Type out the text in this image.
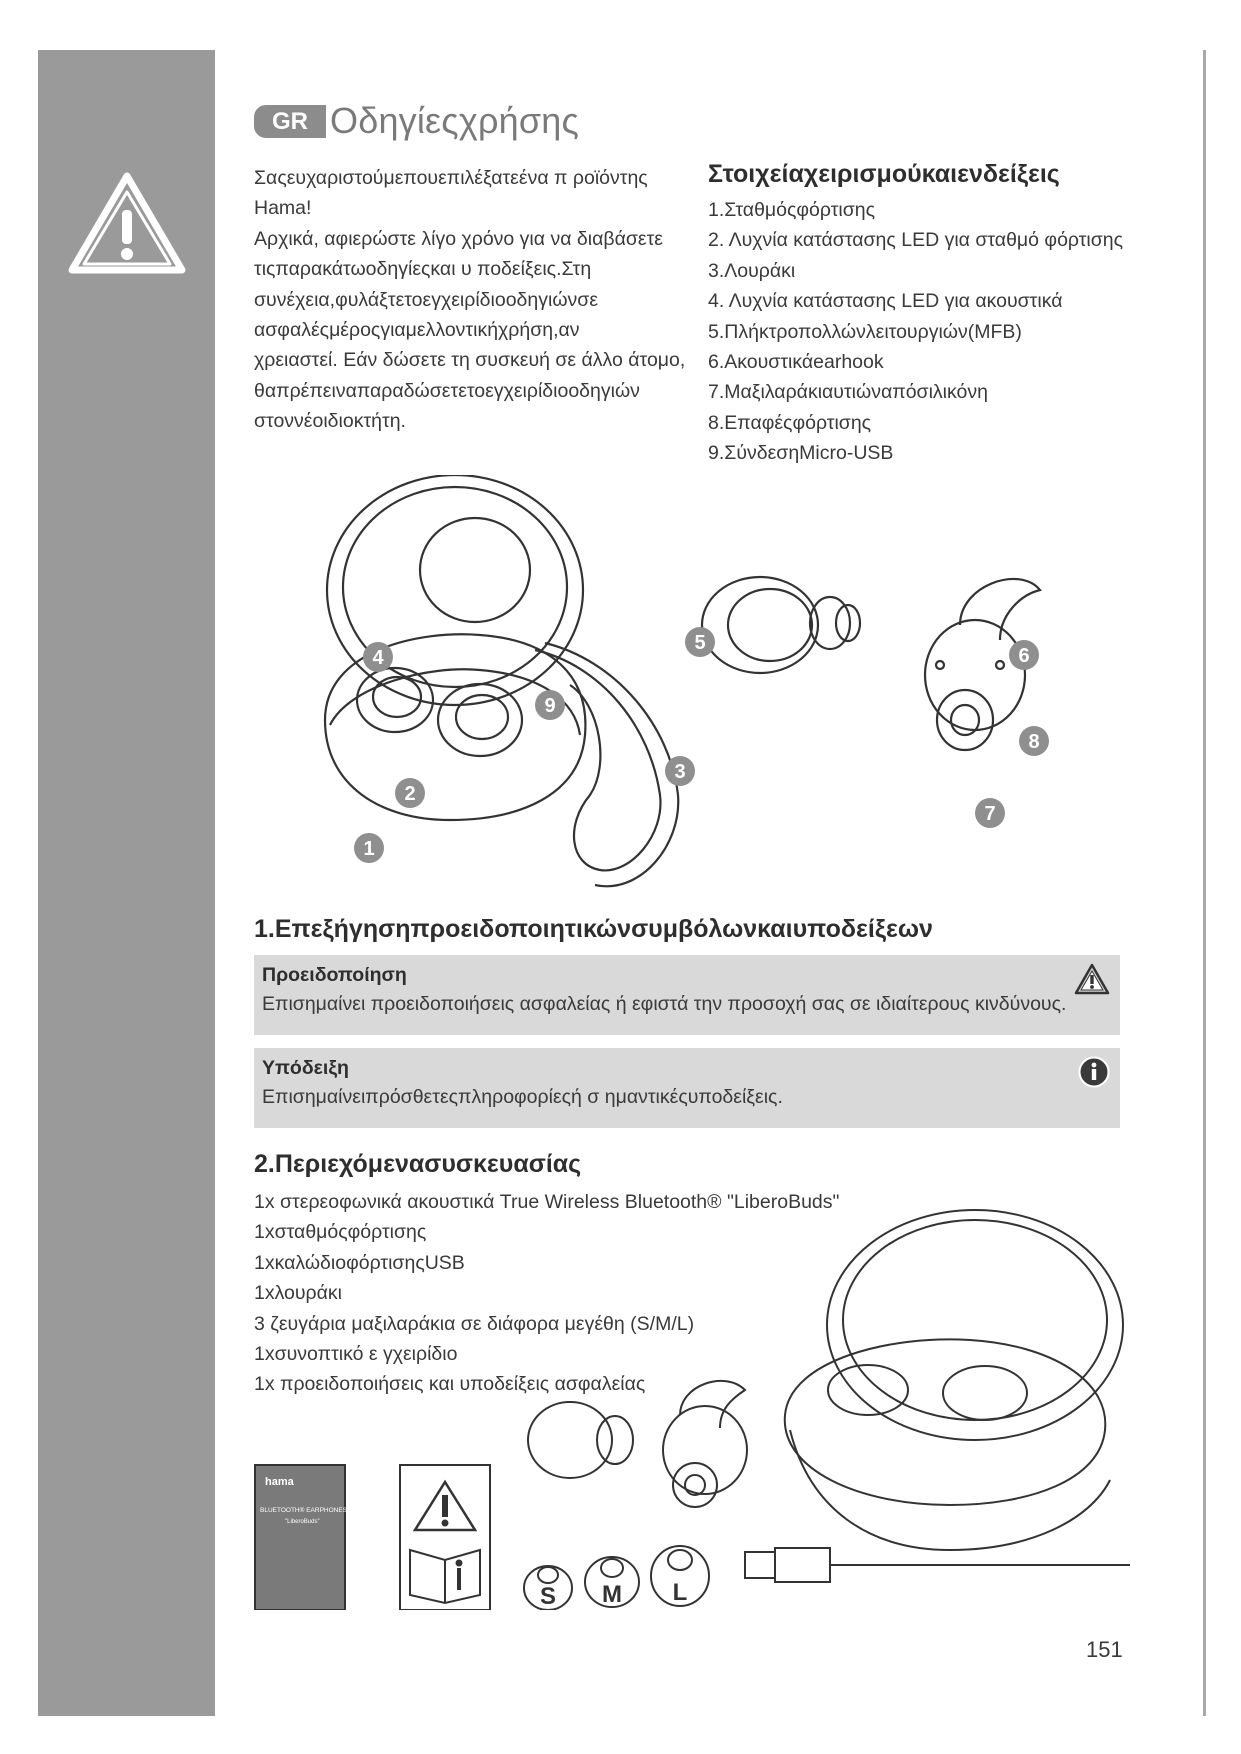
GR Οδηγίεςχρήσης
Σαςευχαριστούμεπουεπιλέξατεένα π ροϊόντης
Hama!
Αρχικά, αφιερώστε λίγο χρόνο για να διαβάσετε
τιςπαρακάτωοδηγίεςκαι υ ποδείξεις.Στη
συνέχεια,φυλάξτετοεγχειρίδιοοδηγιώνσε
ασφαλέςμέροςγιαμελλοντικήχρήση,αν
χρειαστεί. Εάν δώσετε τη συσκευή σε άλλο άτομο,
θαπρέπειναπαραδώσετετοεγχειρίδιοοδηγιών
στοννέοιδιοκτήτη.
Στοιχείαχειρισμούκαιενδείξεις
1.Σταθμόςφόρτισης
2. Λυχνία κατάστασης LED για σταθμό φόρτισης
3.Λουράκι
4. Λυχνία κατάστασης LED για ακουστικά
5.Πλήκτροπολλώνλειτουργιών(MFB)
6.Ακουστικάearhook
7.Μαξιλαράκιαυτιώναπόσιλικόνη
8.Επαφέςφόρτισης
9.ΣύνδεσηMicro-USB
4
9
2
1
3
5
6
8
7
1.Επεξήγησηπροειδοποιητικώνσυμβόλωνκαιυποδείξεων
Προειδοποίηση
Επισημαίνει προειδοποιήσεις ασφαλείας ή εφιστά την προσοχή σας σε ιδιαίτερους κινδύνους.
Υπόδειξη
Επισημαίνειπρόσθετεςπληροφορίεςή σ ημαντικέςυποδείξεις.
2.Περιεχόμενασυσκευασίας
hama
BLUETOOTH® EARPHONES
"LiberoBuds"
S M L
1x στερεοφωνικά ακουστικά True Wireless Bluetooth® "LiberoBuds"
1xσταθμόςφόρτισης
1xκαλώδιοφόρτισηςUSB
1xλουράκι
3 ζευγάρια μαξιλαράκια σε διάφορα μεγέθη (S/M/L)
1xσυνοπτικό ε γχειρίδιο
1x προειδοποιήσεις και υποδείξεις ασφαλείας
151
